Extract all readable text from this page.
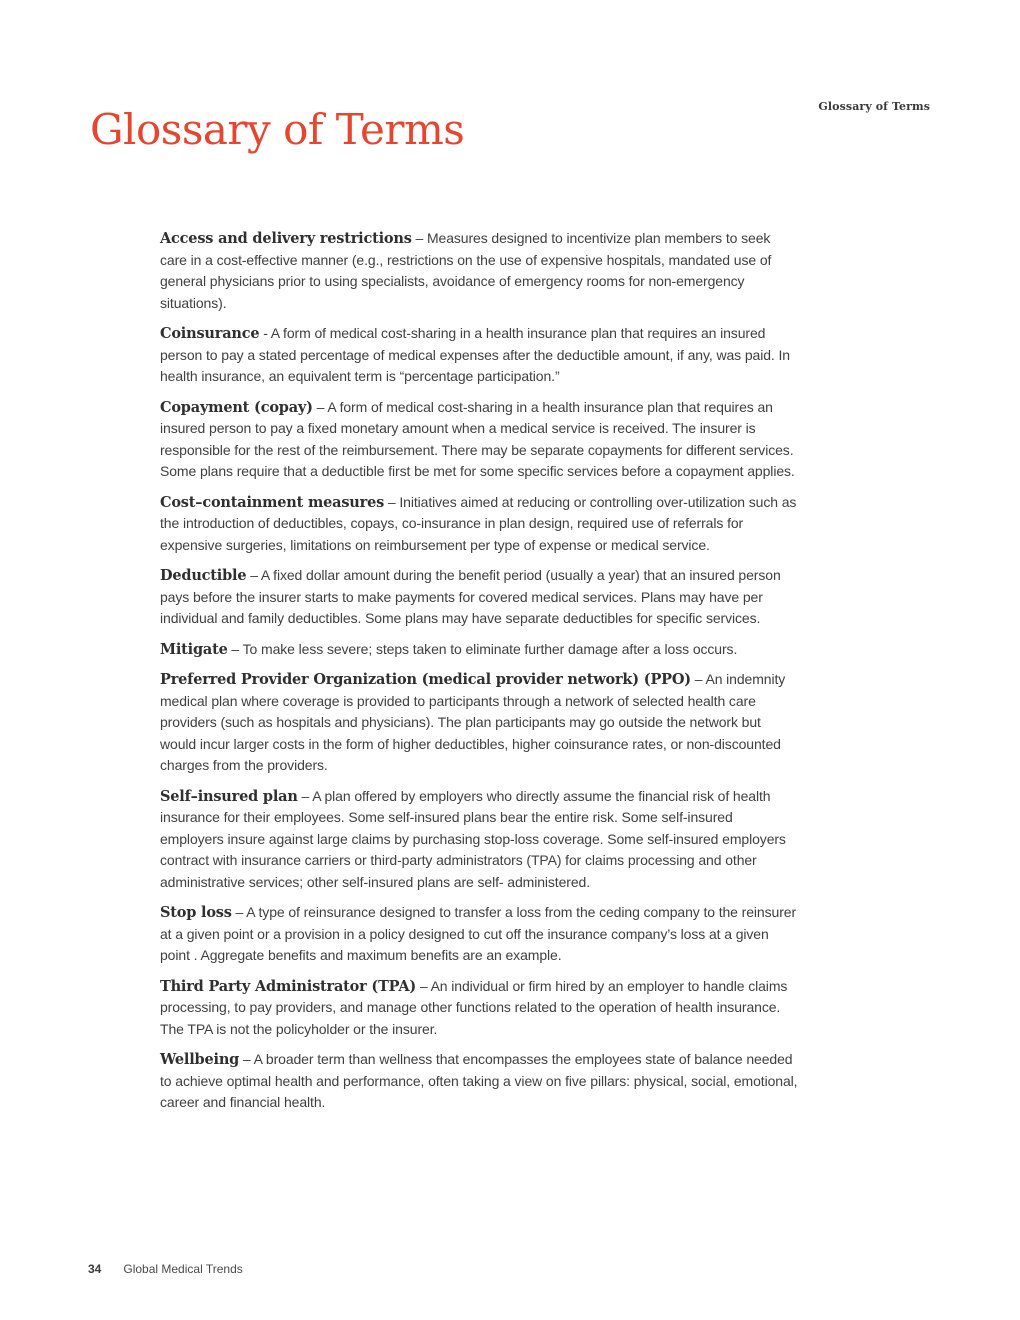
Glossary of Terms
Glossary of Terms

Access and delivery restrictions – Measures designed to incentivize plan members to seek care in a cost-effective manner (e.g., restrictions on the use of expensive hospitals, mandated use of general physicians prior to using specialists, avoidance of emergency rooms for non-emergency situations).

Coinsurance - A form of medical cost-sharing in a health insurance plan that requires an insured person to pay a stated percentage of medical expenses after the deductible amount, if any, was paid. In health insurance, an equivalent term is “percentage participation.”

Copayment (copay) – A form of medical cost-sharing in a health insurance plan that requires an insured person to pay a fixed monetary amount when a medical service is received. The insurer is responsible for the rest of the reimbursement. There may be separate copayments for different services. Some plans require that a deductible first be met for some specific services before a copayment applies.

Cost–containment measures – Initiatives aimed at reducing or controlling over-utilization such as the introduction of deductibles, copays, co-insurance in plan design, required use of referrals for expensive surgeries, limitations on reimbursement per type of expense or medical service.

Deductible – A fixed dollar amount during the benefit period (usually a year) that an insured person pays before the insurer starts to make payments for covered medical services. Plans may have per individual and family deductibles. Some plans may have separate deductibles for specific services.

Mitigate – To make less severe; steps taken to eliminate further damage after a loss occurs.

Preferred Provider Organization (medical provider network) (PPO) – An indemnity medical plan where coverage is provided to participants through a network of selected health care providers (such as hospitals and physicians). The plan participants may go outside the network but would incur larger costs in the form of higher deductibles, higher coinsurance rates, or non-discounted charges from the providers.

Self–insured plan – A plan offered by employers who directly assume the financial risk of health insurance for their employees. Some self-insured plans bear the entire risk. Some self-insured employers insure against large claims by purchasing stop-loss coverage. Some self-insured employers contract with insurance carriers or third-party administrators (TPA) for claims processing and other administrative services; other self-insured plans are self- administered.

Stop loss – A type of reinsurance designed to transfer a loss from the ceding company to the reinsurer at a given point or a provision in a policy designed to cut off the insurance company’s loss at a given point . Aggregate benefits and maximum benefits are an example.

Third Party Administrator (TPA) – An individual or firm hired by an employer to handle claims processing, to pay providers, and manage other functions related to the operation of health insurance. The TPA is not the policyholder or the insurer.

Wellbeing – A broader term than wellness that encompasses the employees state of balance needed to achieve optimal health and performance, often taking a view on five pillars: physical, social, emotional, career and financial health.

34 Global Medical Trends
